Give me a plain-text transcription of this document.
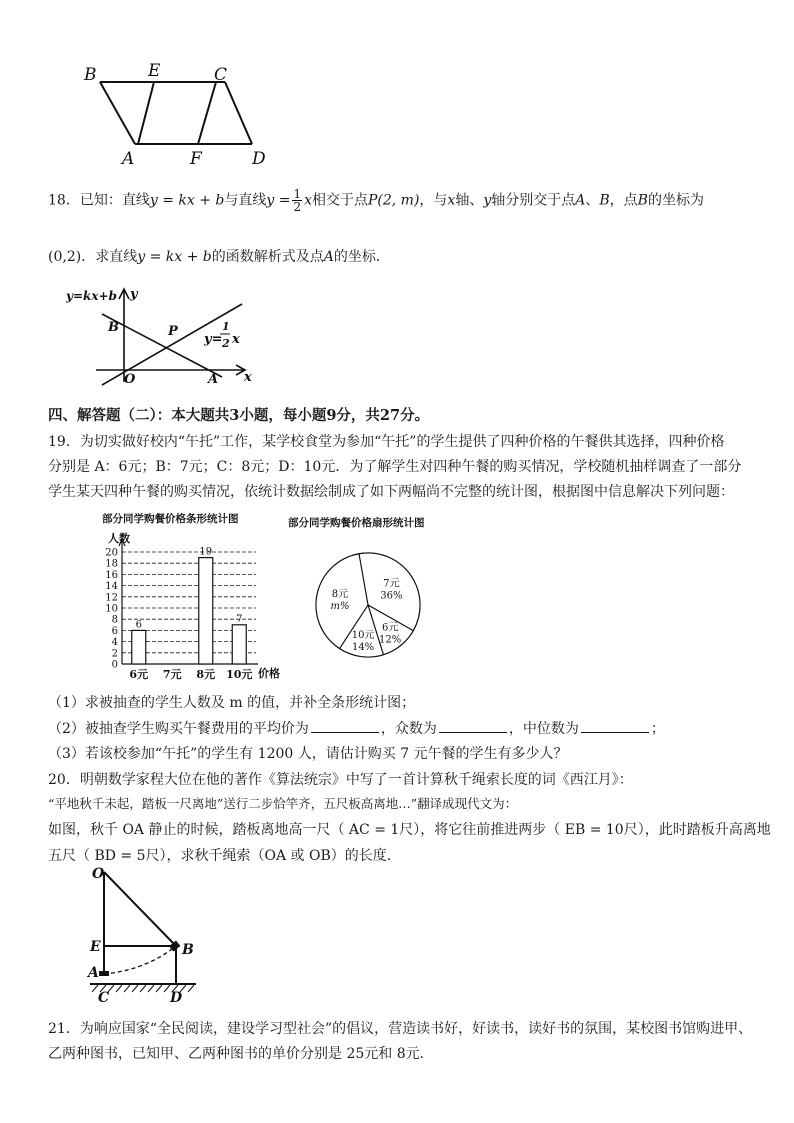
B	E	C
A	F	D
18．已知：直线y = kx + b与直线$y = \frac{1}{2}$ x相交于点P(2, m)，与x轴、y轴分别交于点A、B，点B的坐标为
(0,2)．求直线y = kx + b的函数解析式及点A的坐标．
y=kx+b y
B	P
y=
1
2 x
O	A x
四、解答题（二）：本大题共3小题，每小题9分，共27分。
19．为切实做好校内“午托”工作，某学校食堂为参加“午托”的学生提供了四种价格的午餐供其选择，四种价格
分别是 A：6元；B：7元；C：8元；D：10元．为了解学生对四种午餐的购买情况，学校随机抽样调查了一部分
学生某天四种午餐的购买情况，依统计数据绘制成了如下两幅尚不完整的统计图，根据图中信息解决下列问题：
部分同学购餐价格条形统计图
人数
价格
0
2
4
6
8
10
12
14
16
18
20
6
19
7
6元 7元 8元 10元
部分同学购餐价格扇形统计图
7元
36%
6元
12%
10元
14%
8元
m%
（1）求被抽查的学生人数及 m 的值，并补全条形统计图；
（2）被抽查学生购买午餐费用的平均价为	，众数为	，中位数为	；
（3）若该校参加“午托”的学生有 1200 人，请估计购买 7 元午餐的学生有多少人？
20．明朝数学家程大位在他的著作《算法统宗》中写了一首计算秋千绳索长度的词《西江月》：
“平地秋千未起，踏板一尺离地”送行二步恰竿齐，五尺板高离地…”翻译成现代文为：
如图，秋千 OA 静止的时候，踏板离地高一尺（ AC = 1尺），将它往前推进两步（ EB = 10尺），此时踏板升高离地
五尺（ BD = 5尺），求秋千绳索（OA 或 OB）的长度．
O
E	B
A
C	D
21．为响应国家“全民阅读，建设学习型社会”的倡议，营造读书好，好读书，读好书的氛围，某校图书馆购进甲、
乙两种图书，已知甲、乙两种图书的单价分别是 25元和 8元．
